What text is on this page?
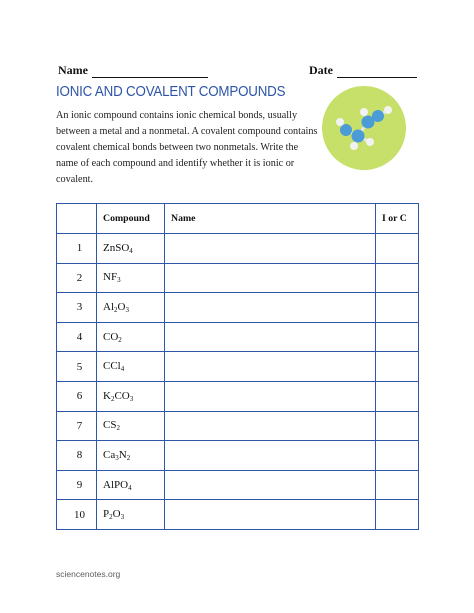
Name	Date
IONIC AND COVALENT COMPOUNDS
An ionic compound contains ionic chemical bonds, usually between a metal and a nonmetal. A covalent compound contains covalent chemical bonds between two nonmetals. Write the name of each compound and identify whether it is ionic or covalent.
	Compound	Name	I or C
1	ZnSO$_4$		
2	$NF_3$		
3	$Al_2O_3$		
4	$CO_2$		
5	CCl$_4$		
6	$K_2CO_3$		
7	$CS_2$		
8	$Ca_3N_2$		
9	AlPO$_4$		
10	$P_2O_3$		
sciencenotes.org
